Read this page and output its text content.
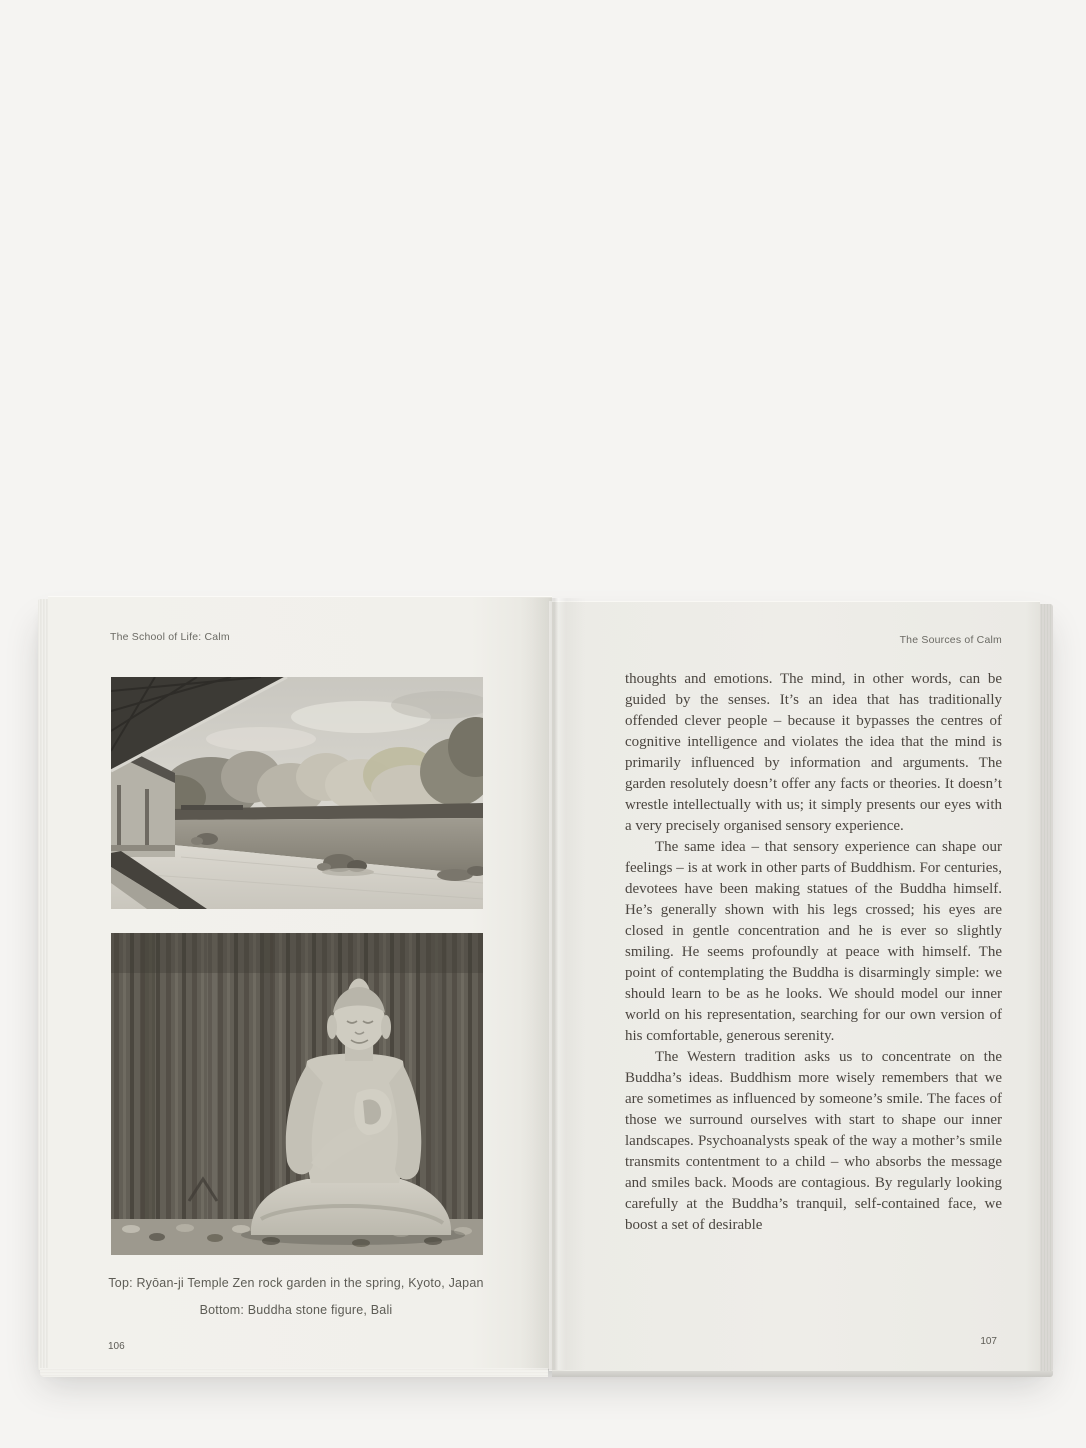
The School of Life: Calm
Top: Ryōan-ji Temple Zen rock garden in the spring, Kyoto, Japan
Bottom: Buddha stone figure, Bali
106
The Sources of Calm

thoughts and emotions. The mind, in other words, can be guided by the senses. It’s an idea that has traditionally offended clever people – because it bypasses the centres of cognitive intelligence and violates the idea that the mind is primarily influenced by information and arguments. The garden resolutely doesn’t offer any facts or theories. It doesn’t wrestle intellectually with us; it simply presents our eyes with a very precisely organised sensory experience.

The same idea – that sensory experience can shape our feelings – is at work in other parts of Buddhism. For centuries, devotees have been making statues of the Buddha himself. He’s generally shown with his legs crossed; his eyes are closed in gentle concentration and he is ever so slightly smiling. He seems profoundly at peace with himself. The point of contemplating the Buddha is disarmingly simple: we should learn to be as he looks. We should model our inner world on his representation, searching for our own version of his comfortable, generous serenity.

The Western tradition asks us to concentrate on the Buddha’s ideas. Buddhism more wisely remembers that we are sometimes as influenced by someone’s smile. The faces of those we surround ourselves with start to shape our inner landscapes. Psychoanalysts speak of the way a mother’s smile transmits contentment to a child – who absorbs the message and smiles back. Moods are contagious. By regularly looking carefully at the Buddha’s tranquil, self-contained face, we boost a set of desirable

107
